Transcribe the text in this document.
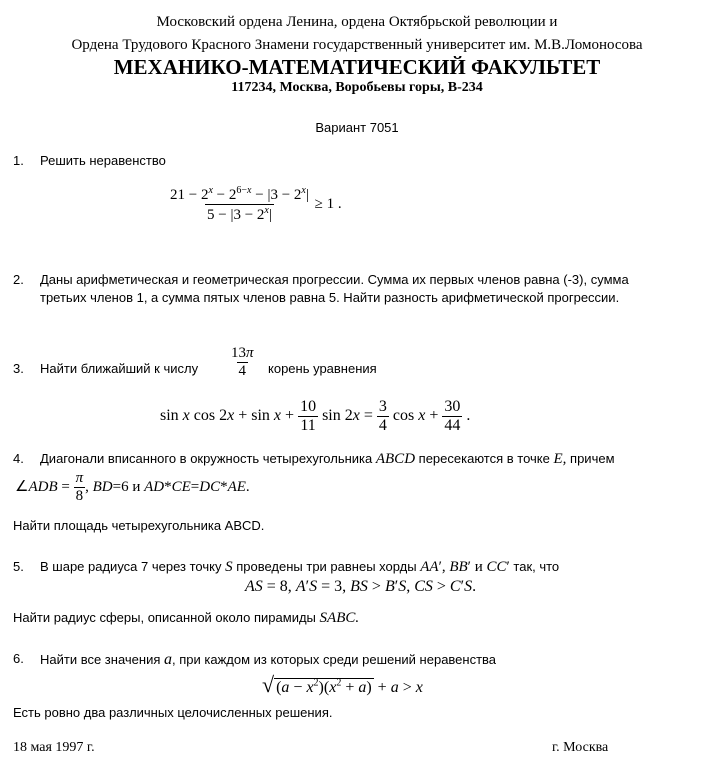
Московский ордена Ленина, ордена Октябрьской революции и
Ордена Трудового Красного Знамени государственный университет им. М.В.Ломоносова
МЕХАНИКО-МАТЕМАТИЧЕСКИЙ ФАКУЛЬТЕТ
117234, Москва, Воробьевы горы, В-234
Вариант 7051
1. Решить неравенство
$\frac{21 - 2^x - 2^{6-x} - |3 - 2^x|}{5 - |3 - 2^x|} \ge 1$ .
2. Даны арифметическая и геометрическая прогрессии. Сумма их первых членов равна (-3), сумма
третьих членов 1, а сумма пятых членов равна 5. Найти разность арифметической прогрессии.
3. Найти ближайший к числу $\frac{13\pi}{4}$ корень уравнения
sin x $\cos 2x + \sin x + \frac{10}{11}$ $\sin 2x = \frac{3}{4}$ $\cos x + \frac{30}{44}$ .
4. Диагонали вписанного в окружность четырехугольника ABCD пересекаются в точке E, причем
∠ADB = $\frac{\pi}{8}$ , BD=6 и AD*CE=DC*AE.
Найти площадь четырехугольника ABCD.
5. В шаре радиуса 7 через точку S проведены три равнеы хорды AA′, BB′ и CC′ так, что
AS = 8, A′S = 3, BS > B′S, CS > C′S.
Найти радиус сферы, описанной около пирамиды SABC.
6. Найти все значения a, при каждом из которых среди решений неравенства
√ $(a - x^2)(x^2 + a) + a > x$
Есть ровно два различных целочисленных решения.
18 мая 1997 г.	г. Москва
